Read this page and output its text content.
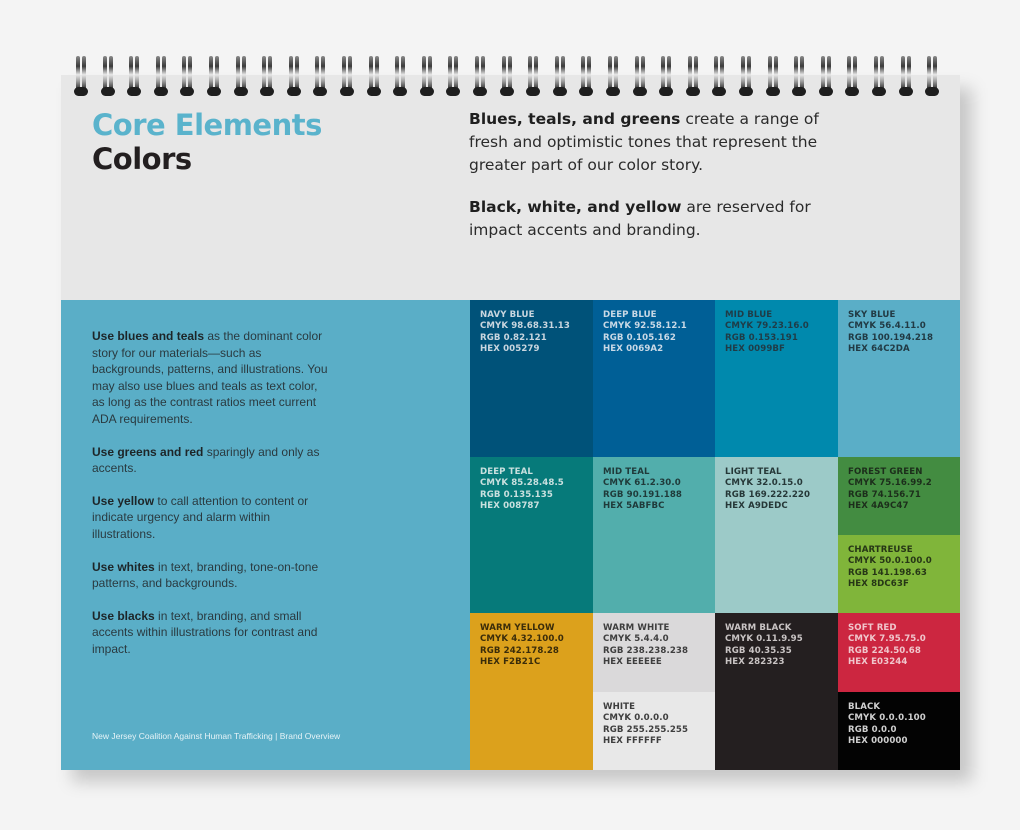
Core Elements
Colors

Blues, teals, and greens create a range of fresh and optimistic tones that represent the greater part of our color story.

Black, white, and yellow are reserved for impact accents and branding.

Use blues and teals as the dominant color story for our materials—such as backgrounds, patterns, and illustrations. You may also use blues and teals as text color, as long as the contrast ratios meet current ADA requirements.

Use greens and red sparingly and only as accents.

Use yellow to call attention to content or indicate urgency and alarm within illustrations.

Use whites in text, branding, tone-on-tone patterns, and backgrounds.

Use blacks in text, branding, and small accents within illustrations for contrast and impact.

New Jersey Coalition Against Human Trafficking | Brand Overview
NAVY BLUE
CMYK 98.68.31.13
RGB 0.82.121
HEX 005279
DEEP BLUE
CMYK 92.58.12.1
RGB 0.105.162
HEX 0069A2
MID BLUE
CMYK 79.23.16.0
RGB 0.153.191
HEX 0099BF
SKY BLUE
CMYK 56.4.11.0
RGB 100.194.218
HEX 64C2DA
DEEP TEAL
CMYK 85.28.48.5
RGB 0.135.135
HEX 008787
MID TEAL
CMYK 61.2.30.0
RGB 90.191.188
HEX 5ABFBC
LIGHT TEAL
CMYK 32.0.15.0
RGB 169.222.220
HEX A9DEDC
FOREST GREEN
CMYK 75.16.99.2
RGB 74.156.71
HEX 4A9C47
CHARTREUSE
CMYK 50.0.100.0
RGB 141.198.63
HEX 8DC63F
WARM YELLOW
CMYK 4.32.100.0
RGB 242.178.28
HEX F2B21C
WARM WHITE
CMYK 5.4.4.0
RGB 238.238.238
HEX EEEEEE
WHITE
CMYK 0.0.0.0
RGB 255.255.255
HEX FFFFFF
WARM BLACK
CMYK 0.11.9.95
RGB 40.35.35
HEX 282323
SOFT RED
CMYK 7.95.75.0
RGB 224.50.68
HEX E03244
BLACK
CMYK 0.0.0.100
RGB 0.0.0
HEX 000000
